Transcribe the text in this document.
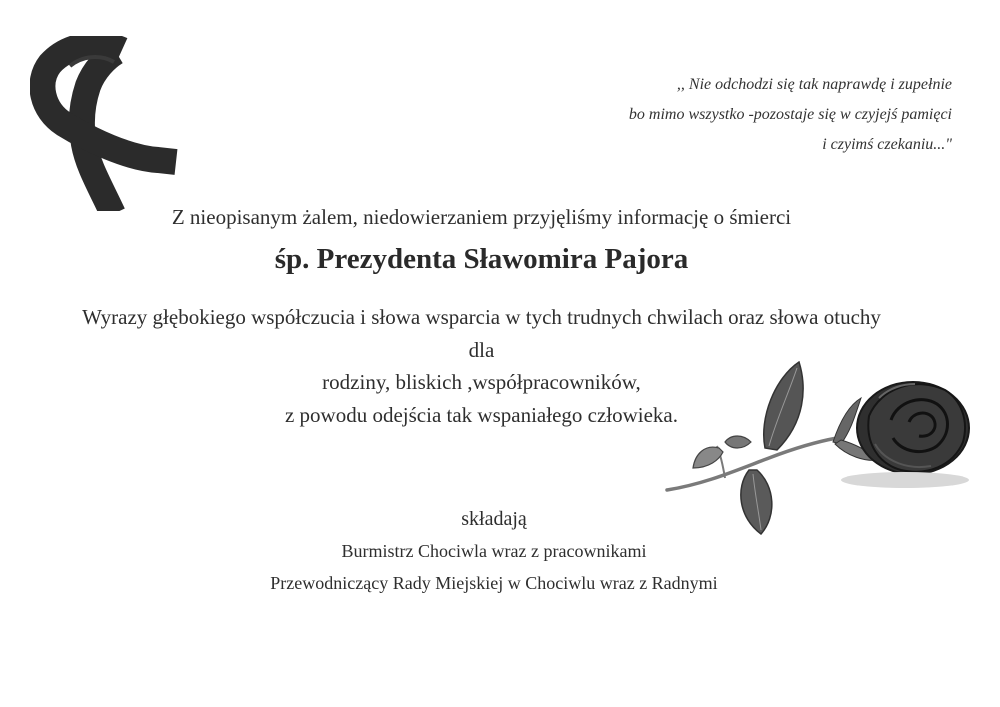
,, Nie odchodzi się tak naprawdę i zupełnie
bo mimo wszystko -pozostaje się w czyjejś pamięci
i czyimś czekaniu..."
Z nieopisanym żalem, niedowierzaniem przyjęliśmy informację o śmierci
śp. Prezydenta Sławomira Pajora
Wyrazy głębokiego współczucia i słowa wsparcia w tych trudnych chwilach oraz słowa otuchy
dla
rodziny, bliskich ,współpracowników,
z powodu odejścia tak wspaniałego człowieka.
składają
Burmistrz Chociwla wraz z pracownikami
Przewodniczący Rady Miejskiej w Chociwlu wraz z Radnymi
